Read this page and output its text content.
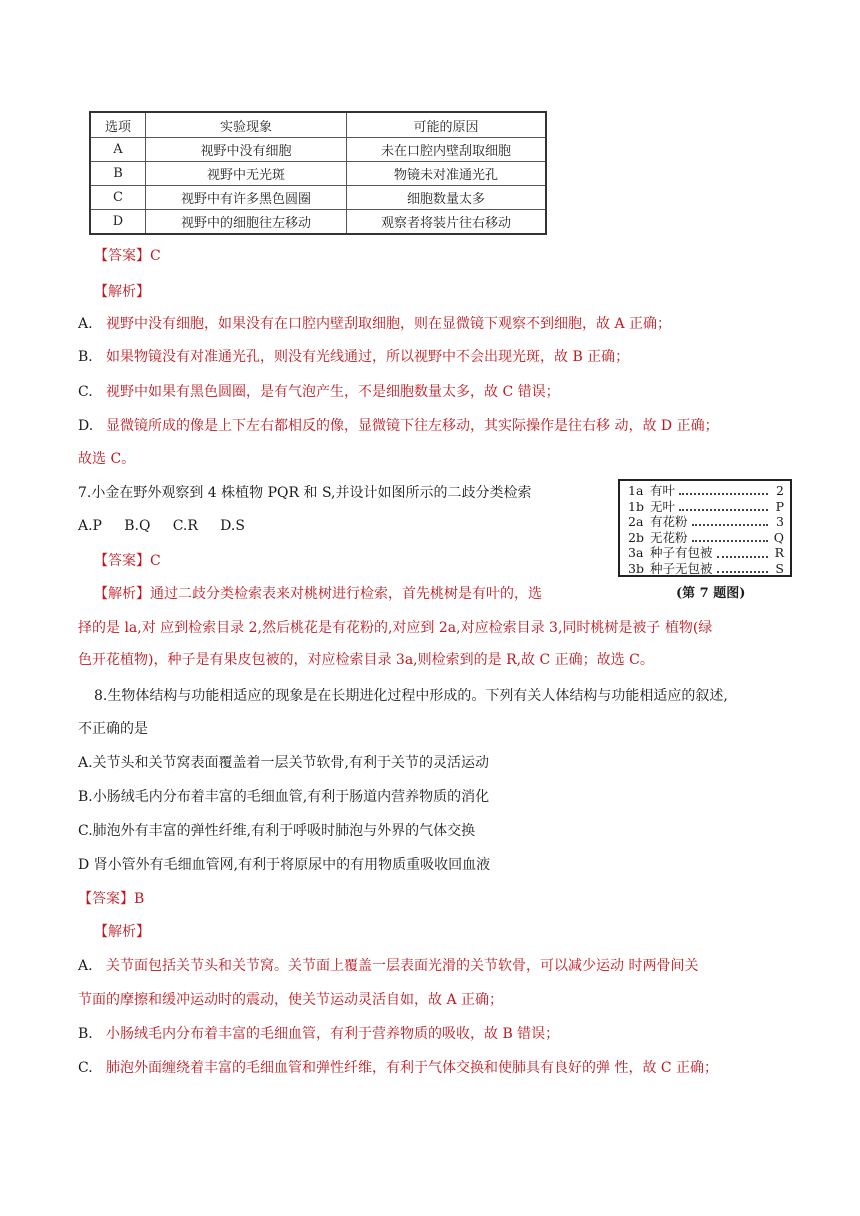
选项	实验现象	可能的原因
A	视野中没有细胞	未在口腔内壁刮取细胞
B	视野中无光斑	物镜未对准通光孔
C	视野中有许多黑色圆圈	细胞数量太多
D	视野中的细胞往左移动	观察者将装片往右移动
【答案】C
【解析】
A. 视野中没有细胞，如果没有在口腔内壁刮取细胞，则在显微镜下观察不到细胞，故 A 正确；
B. 如果物镜没有对准通光孔，则没有光线通过，所以视野中不会出现光斑，故 B 正确；
C. 视野中如果有黑色圆圈，是有气泡产生，不是细胞数量太多，故 C 错误；
D. 显微镜所成的像是上下左右都相反的像，显微镜下往左移动，其实际操作是往右移 动，故 D 正确；
故选 C。
7.小金在野外观察到 4 株植物 PQR 和 S,并设计如图所示的二歧分类检索
A.P     B.Q     C.R     D.S
【答案】C
【解析】通过二歧分类检索表来对桃树进行检索，首先桃树是有叶的，选
择的是 la,对 应到检索目录 2,然后桃花是有花粉的,对应到 2a,对应检索目录 3,同时桃树是被子 植物(绿
色开花植物)，种子是有果皮包被的，对应检索目录 3a,则检索到的是 R,故 C 正确；故选 C。
1a 有叶	2
1b 无叶	P
2a 有花粉	3
2b 无花粉	Q
3a 种子有包被	R
3b 种子无包被	S
(第 7 题图)
8.生物体结构与功能相适应的现象是在长期进化过程中形成的。下列有关人体结构与功能相适应的叙述,
不正确的是
A.关节头和关节窝表面覆盖着一层关节软骨,有利于关节的灵活运动
B.小肠绒毛内分布着丰富的毛细血管,有利于肠道内营养物质的消化
C.肺泡外有丰富的弹性纤维,有利于呼吸时肺泡与外界的气体交换
D 肾小管外有毛细血管网,有利于将原尿中的有用物质重吸收回血液
【答案】B
【解析】
A. 关节面包括关节头和关节窝。关节面上覆盖一层表面光滑的关节软骨，可以减少运动 时两骨间关
节面的摩擦和缓冲运动时的震动，使关节运动灵活自如，故 A 正确；
B. 小肠绒毛内分布着丰富的毛细血管，有利于营养物质的吸收，故 B 错误；
C. 肺泡外面缠绕着丰富的毛细血管和弹性纤维，有利于气体交换和使肺具有良好的弹 性，故 C 正确；
